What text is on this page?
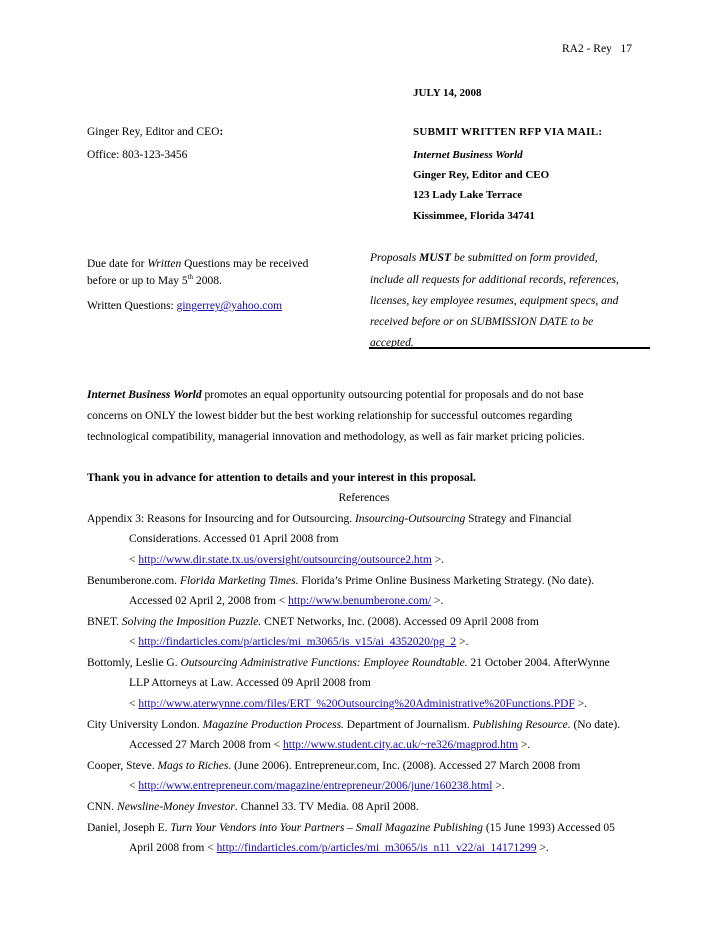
RA2 - Rey 17
JULY 14, 2008
SUBMIT WRITTEN RFP VIA MAIL:
Internet Business World
Ginger Rey, Editor and CEO
123 Lady Lake Terrace
Kissimmee, Florida 34741
Ginger Rey, Editor and CEO:
Office: 803-123-3456
Due date for Written Questions may be received
before or up to May 5th 2008.
Written Questions: gingerrey@yahoo.com
Proposals MUST be submitted on form provided,
include all requests for additional records, references,
licenses, key employee resumes, equipment specs, and
received before or on SUBMISSION DATE to be
accepted.
Internet Business World promotes an equal opportunity outsourcing potential for proposals and do not base
concerns on ONLY the lowest bidder but the best working relationship for successful outcomes regarding
technological compatibility, managerial innovation and methodology, as well as fair market pricing policies.
Thank you in advance for attention to details and your interest in this proposal.
References
Appendix 3: Reasons for Insourcing and for Outsourcing. Insourcing-Outsourcing Strategy and Financial
Considerations. Accessed 01 April 2008 from
< http://www.dir.state.tx.us/oversight/outsourcing/outsource2.htm >.
Benumberone.com. Florida Marketing Times. Florida’s Prime Online Business Marketing Strategy. (No date).
Accessed 02 April 2, 2008 from < http://www.benumberone.com/ >.
BNET. Solving the Imposition Puzzle. CNET Networks, Inc. (2008). Accessed 09 April 2008 from
< http://findarticles.com/p/articles/mi_m3065/is_v15/ai_4352020/pg_2 >.
Bottomly, Leslie G. Outsourcing Administrative Functions: Employee Roundtable. 21 October 2004. AfterWynne
LLP Attorneys at Law. Accessed 09 April 2008 from
< http://www.aterwynne.com/files/ERT_%20Outsourcing%20Administrative%20Functions.PDF >.
City University London. Magazine Production Process. Department of Journalism. Publishing Resource. (No date).
Accessed 27 March 2008 from < http://www.student.city.ac.uk/~re326/magprod.htm >.
Cooper, Steve. Mags to Riches. (June 2006). Entrepreneur.com, Inc. (2008). Accessed 27 March 2008 from
< http://www.entrepreneur.com/magazine/entrepreneur/2006/june/160238.html >.
CNN. Newsline-Money Investor. Channel 33. TV Media. 08 April 2008.
Daniel, Joseph E. Turn Your Vendors into Your Partners – Small Magazine Publishing (15 June 1993) Accessed 05
April 2008 from < http://findarticles.com/p/articles/mi_m3065/is_n11_v22/ai_14171299 >.
